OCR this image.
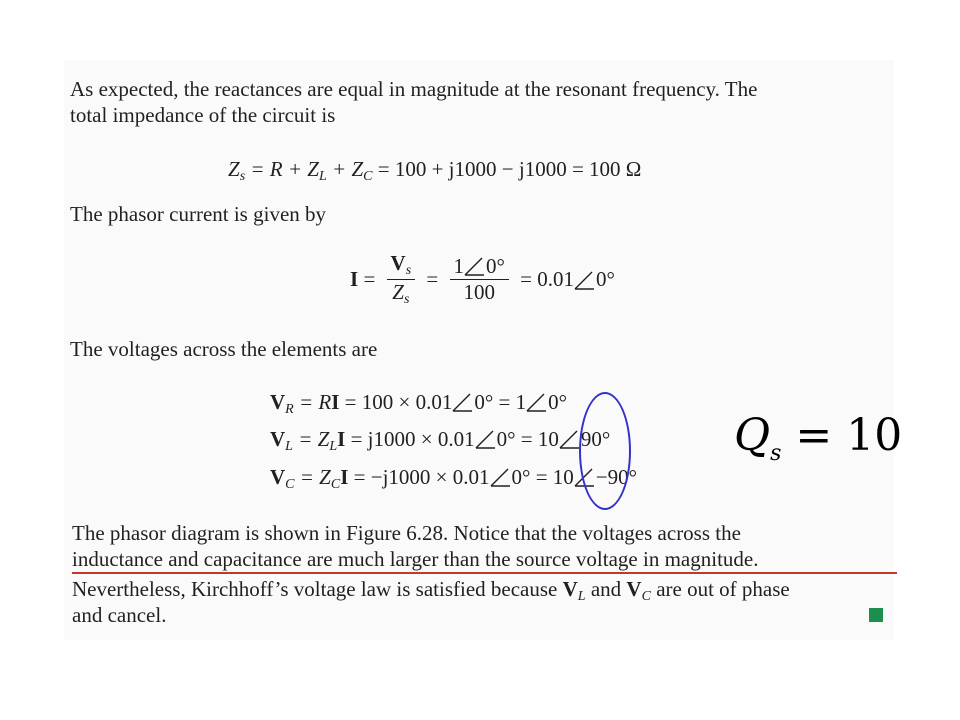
As expected, the reactances are equal in magnitude at the resonant frequency. The

total impedance of the circuit is

$Z_s = R + Z_L + Z_C = 100 + j1000 - j1000 = 100$ Ω

The phasor current is given by

$I = \frac{V_s}{Z_s} = \frac{1 0^\circ}{100} = 0.01$ 0°

The voltages across the elements are

$V_R$ = RI = 100 × 0.01 0° = 1 0°
$V_L = Z_LI = j1000 \times 0.01$ 0° = 10 90°
$V_C = Z_CI = -j1000 \times 0.01$ 0° = 10 −90°
$Q_s = 10$

The phasor diagram is shown in Figure 6.28. Notice that the voltages across the

inductance and capacitance are much larger than the source voltage in magnitude.

Nevertheless, Kirchhoff’s voltage law is satisfied because $V_L$ and $V_C$ are out of phase

and cancel.
